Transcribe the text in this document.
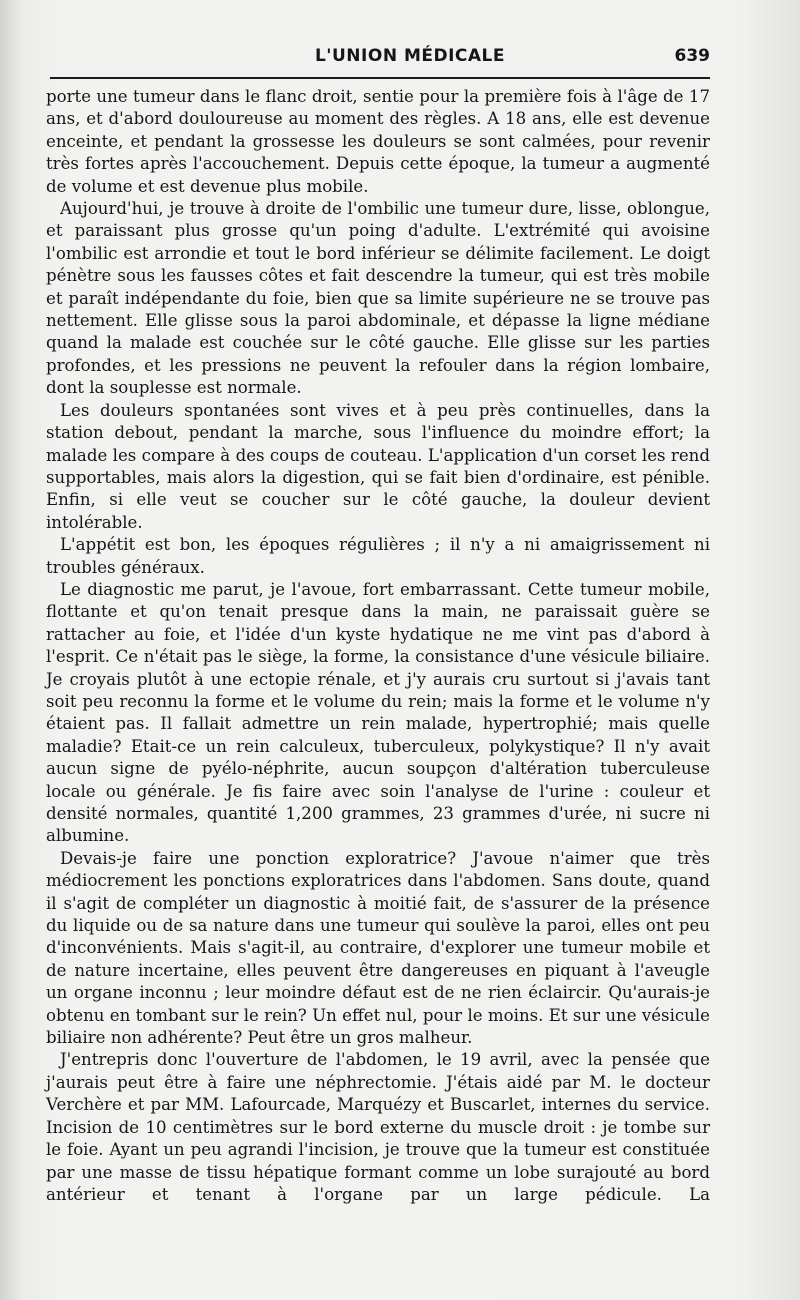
L'UNION MÉDICALE	639

porte une tumeur dans le flanc droit, sentie pour la première fois à l'âge de 17 ans, et d'abord douloureuse au moment des règles. A 18 ans, elle est devenue enceinte, et pendant la grossesse les douleurs se sont calmées, pour revenir très fortes après l'accouchement. Depuis cette époque, la tumeur a augmenté de volume et est devenue plus mobile.

Aujourd'hui, je trouve à droite de l'ombilic une tumeur dure, lisse, oblongue, et paraissant plus grosse qu'un poing d'adulte. L'extrémité qui avoisine l'ombilic est arrondie et tout le bord inférieur se délimite facilement. Le doigt pénètre sous les fausses côtes et fait descendre la tumeur, qui est très mobile et paraît indépendante du foie, bien que sa limite supérieure ne se trouve pas nettement. Elle glisse sous la paroi abdominale, et dépasse la ligne médiane quand la malade est couchée sur le côté gauche. Elle glisse sur les parties profondes, et les pressions ne peuvent la refouler dans la région lombaire, dont la souplesse est normale.

Les douleurs spontanées sont vives et à peu près continuelles, dans la station debout, pendant la marche, sous l'influence du moindre effort; la malade les compare à des coups de couteau. L'application d'un corset les rend supportables, mais alors la digestion, qui se fait bien d'ordinaire, est pénible. Enfin, si elle veut se coucher sur le côté gauche, la douleur devient intolérable.

L'appétit est bon, les époques régulières ; il n'y a ni amaigrissement ni troubles généraux.

Le diagnostic me parut, je l'avoue, fort embarrassant. Cette tumeur mobile, flottante et qu'on tenait presque dans la main, ne paraissait guère se rattacher au foie, et l'idée d'un kyste hydatique ne me vint pas d'abord à l'esprit. Ce n'était pas le siège, la forme, la consistance d'une vésicule biliaire. Je croyais plutôt à une ectopie rénale, et j'y aurais cru surtout si j'avais tant soit peu reconnu la forme et le volume du rein; mais la forme et le volume n'y étaient pas. Il fallait admettre un rein malade, hypertrophié; mais quelle maladie? Etait-ce un rein calculeux, tuberculeux, polykystique? Il n'y avait aucun signe de pyélo-néphrite, aucun soupçon d'altération tuberculeuse locale ou générale. Je fis faire avec soin l'analyse de l'urine : couleur et densité normales, quantité 1,200 grammes, 23 grammes d'urée, ni sucre ni albumine.

Devais-je faire une ponction exploratrice? J'avoue n'aimer que très médiocrement les ponctions exploratrices dans l'abdomen. Sans doute, quand il s'agit de compléter un diagnostic à moitié fait, de s'assurer de la présence du liquide ou de sa nature dans une tumeur qui soulève la paroi, elles ont peu d'inconvénients. Mais s'agit-il, au contraire, d'explorer une tumeur mobile et de nature incertaine, elles peuvent être dangereuses en piquant à l'aveugle un organe inconnu ; leur moindre défaut est de ne rien éclaircir. Qu'aurais-je obtenu en tombant sur le rein? Un effet nul, pour le moins. Et sur une vésicule biliaire non adhérente? Peut être un gros malheur.

J'entrepris donc l'ouverture de l'abdomen, le 19 avril, avec la pensée que j'aurais peut être à faire une néphrectomie. J'étais aidé par M. le docteur Verchère et par MM. Lafourcade, Marquézy et Buscarlet, internes du service. Incision de 10 centimètres sur le bord externe du muscle droit : je tombe sur le foie. Ayant un peu agrandi l'incision, je trouve que la tumeur est constituée par une masse de tissu hépatique formant comme un lobe surajouté au bord antérieur et tenant à l'organe par un large pédicule. La
